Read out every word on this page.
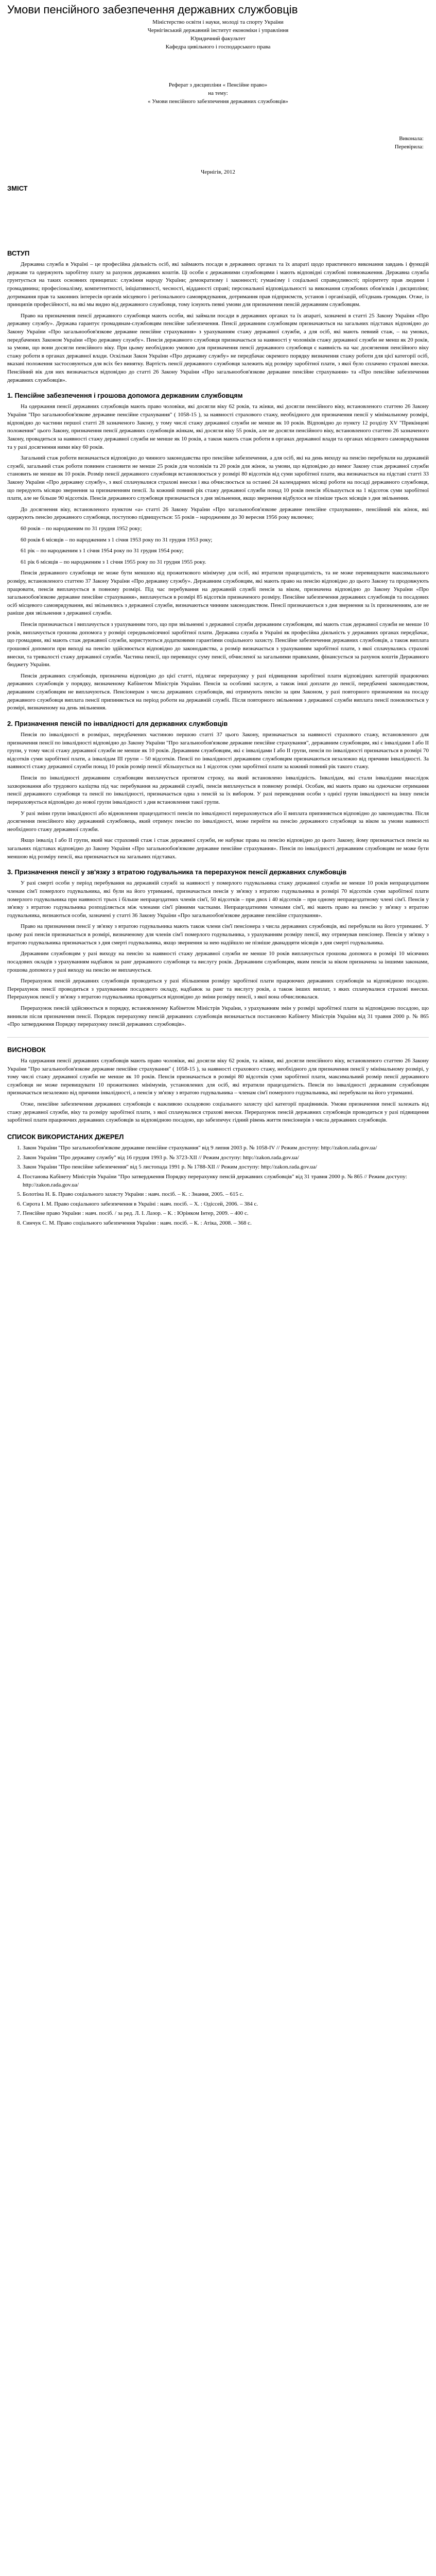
Умови пенсійного забезпечення державних службовців

Міністерство освіти і науки, молоді та спорту України

Чернігівський державний інститут економіки і управління

Юридичний факультет

Кафедра цивільного і господарського права

Реферат з дисципліни « Пенсійне право»

на тему:

« Умови пенсійного забезпечення державних службовців»

Виконала:
Перевірила:
Чернігів, 2012
ЗМІСТ
ВСТУП

Державна служба в Україні – це професійна діяльність осіб, які займають посади в державних органах та їх апараті щодо практичного виконання завдань і функцій держави та одержують заробітну плату за рахунок державних коштів. Ці особи є державними службовцями і мають відповідні службові повноваження. Державна служба грунтується на таких основних принципах: служіння народу України; демократизму і законності; гуманізму і соціальної справедливості; пріоритету прав людини і громадянина; професіоналізму, компетентності, ініціативності, чесності, відданості справі; персональної відповідальності за виконання службових обов'язків і дисципліни; дотримання прав та законних інтересів органів місцевого і регіонального самоврядування, дотримання прав підприємств, установ і організацій, об'єднань громадян. Отже, із принципів професійності, на які мы видно від державного службовця, тому існують певні умови для призначення пенсій державним службовцям.

Право на призначення пенсії державного службовця мають особи, які займали посади в державних органах та їх апараті, зазначені в статті 25 Закону України «Про державну службу». Держава гарантує громадянам-службовцям пенсійне забезпечення. Пенсії державним службовцям призначаються на загальних підставах відповідно до Закону України «Про загальнообов'язкове державне пенсійне страхування» з урахуванням стажу державної служби, а для осіб, які мають певний стаж, – на умовах, передбачених Законом України «Про державну службу». Пенсія державного службовця призначається за наявності у чоловіків стажу державної служби не менш як 20 років, за умови, що вони досягли пенсійного віку. При цьому необхідною умовою для призначення пенсії державного службовця є наявність на час досягнення пенсійного віку стажу роботи в органах державної влади. Оскільки Закон України «Про державну службу» не передбачає окремого порядку визначення стажу роботи для цієї категорії осіб, вказані положення застосовуються для всіх без винятку. Вартість пенсії державного службовця залежить від розміру заробітної плати, з якої було сплачено страхові внески. Пенсійний вік для них визначається відповідно до статті 26 Закону України «Про загальнообов'язкове державне пенсійне страхування» та «Про пенсійне забезпечення державних службовців».

1. Пенсійне забезпечення і грошова допомога державним службовцям

На одержання пенсії державних службовців мають право чоловіки, які досягли віку 62 років, та жінки, які досягли пенсійного віку, встановленого статтею 26 Закону України "Про загальнообов'язкове державне пенсійне страхування" ( 1058-15 ), за наявності страхового стажу, необхідного для призначення пенсії у мінімальному розмірі, відповідно до частини першої статті 28 зазначеного Закону, у тому числі стажу державної служби не менше як 10 років. Відповідно до пункту 12 розділу XV "Прикінцеві положення" цього Закону, призначення пенсії державних службовців жінкам, які досягли віку 55 років, але не досягли пенсійного віку, встановленого статтею 26 зазначеного Закону, провадиться за наявності стажу державної служби не менше як 10 років, а також мають стаж роботи в органах державної влади та органах місцевого самоврядування та у разі досягнення ними віку 60 років.

Загальний стаж роботи визначається відповідно до чинного законодавства про пенсійне забезпечення, а для осіб, які на день виходу на пенсію перебували на державній службі, загальний стаж роботи повинен становити не менше 25 років для чоловіків та 20 років для жінок, за умови, що відповідно до вимог Закону стаж державної служби становить не менше як 10 років. Розмір пенсії державного службовця встановлюється у розмірі 80 відсотків від суми заробітної плати, яка визначається на підставі статті 33 Закону України «Про державну службу», з якої сплачувалися страхові внески і яка обчислюється за останні 24 календарних місяці роботи на посаді державного службовця, що передують місяцю звернення за призначенням пенсії. За кожний повний рік стажу державної служби понад 10 років пенсія збільшується на 1 відсоток суми заробітної плати, але не більше 90 відсотків. Пенсія державного службовця призначається з дня звільнення, якщо звернення відбулося не пізніше трьох місяців з дня звільнення.

До досягнення віку, встановленого пунктом «а» статті 26 Закону України «Про загальнообов'язкове державне пенсійне страхування», пенсійний вік жінок, які одержують пенсію державного службовця, поступово підвищується: 55 років – народженим до 30 вересня 1956 року включно;

60 років – по народженим по 31 грудня 1952 року;

60 років 6 місяців – по народженим з 1 січня 1953 року по 31 грудня 1953 року;

61 рік – по народженим з 1 січня 1954 року по 31 грудня 1954 року;

61 рік 6 місяців – по народженим з 1 січня 1955 року по 31 грудня 1955 року.

Пенсія державного службовця не може бути меншою від прожиткового мінімуму для осіб, які втратили працездатність, та не може перевищувати максимального розміру, встановленого статтею 37 Закону України «Про державну службу». Державним службовцям, які мають право на пенсію відповідно до цього Закону та продовжують працювати, пенсія виплачується в повному розмірі. Під час перебування на державній службі пенсія за віком, призначена відповідно до Закону України «Про загальнообов'язкове державне пенсійне страхування», виплачується в розмірі 85 відсотків призначеного розміру. Пенсійне забезпечення державних службовців та посадових осіб місцевого самоврядування, які звільнились з державної служби, визначаються чинним законодавством. Пенсії призначаються з дня звернення за їх призначенням, але не раніше дня звільнення з державної служби.

Пенсія призначається і виплачується з урахуванням того, що при звільненні з державної служби державним службовцям, які мають стаж державної служби не менше 10 років, виплачується грошова допомога у розмірі середньомісячної заробітної плати. Державна служба в Україні як професійна діяльність у державних органах передбачає, що громадяни, які мають стаж державної служби, користуються додатковими гарантіями соціального захисту. Пенсійне забезпечення державних службовців, а також виплата грошової допомоги при виході на пенсію здійснюється відповідно до законодавства, а розмір визначається з урахуванням заробітної плати, з якої сплачувались страхові внески, та тривалості стажу державної служби. Частина пенсії, що перевищує суму пенсії, обчисленої за загальними правилами, фінансується за рахунок коштів Державного бюджету України.

Пенсія державних службовців, призначена відповідно до цієї статті, підлягає перерахунку у разі підвищення заробітної плати відповідних категорій працюючих державних службовців у порядку, визначеному Кабінетом Міністрів України. Пенсія за особливі заслуги, а також інші доплати до пенсії, передбачені законодавством, державним службовцям не виплачуються. Пенсіонерам з числа державних службовців, які отримують пенсію за цим Законом, у разі повторного призначення на посаду державного службовця виплата пенсії припиняється на період роботи на державній службі. Після повторного звільнення з державної служби виплата пенсії поновлюється у розмірі, визначеному на день звільнення.

2. Призначення пенсій по інвалідності для державних службовців

Пенсія по інвалідності в розмірах, передбачених частиною першою статті 37 цього Закону, призначається за наявності страхового стажу, встановленого для призначення пенсії по інвалідності відповідно до Закону України "Про загальнообов'язкове державне пенсійне страхування", державним службовцям, які є інвалідами I або II групи, у тому числі стажу державної служби не менше як 10 років. Державним службовцям, які є інвалідами I або II групи, пенсія по інвалідності призначається в розмірі 70 відсотків суми заробітної плати, а інвалідам III групи – 50 відсотків. Пенсії по інвалідності державним службовцям призначаються незалежно від причини інвалідності. За наявності стажу державної служби понад 10 років розмір пенсії збільшується на 1 відсоток суми заробітної плати за кожний повний рік такого стажу.

Пенсія по інвалідності державним службовцям виплачується протягом строку, на який встановлено інвалідність. Інвалідам, які стали інвалідами внаслідок захворювання або трудового каліцтва під час перебування на державній службі, пенсія виплачується в повному розмірі. Особам, які мають право на одночасне отримання пенсії державного службовця та пенсії по інвалідності, призначається одна з пенсій за їх вибором. У разі переведення особи з однієї групи інвалідності на іншу пенсія перераховується відповідно до нової групи інвалідності з дня встановлення такої групи.

У разі зміни групи інвалідності або відновлення працездатності пенсія по інвалідності перераховується або її виплата припиняється відповідно до законодавства. Після досягнення пенсійного віку державний службовець, який отримує пенсію по інвалідності, може перейти на пенсію державного службовця за віком за умови наявності необхідного стажу державної служби.

Якщо інвалід I або II групи, який має страховий стаж і стаж державної служби, не набуває права на пенсію відповідно до цього Закону, йому призначається пенсія на загальних підставах відповідно до Закону України «Про загальнообов'язкове державне пенсійне страхування». Пенсія по інвалідності державним службовцям не може бути меншою від розміру пенсії, яка призначається на загальних підставах.

3. Призначення пенсії у зв'язку з втратою годувальника та перерахунок пенсії державних службовців

У разі смерті особи у період перебування на державній службі за наявності у померлого годувальника стажу державної служби не менше 10 років непрацездатним членам сім'ї померлого годувальника, які були на його утриманні, призначається пенсія у зв'язку з втратою годувальника в розмірі 70 відсотків суми заробітної плати померлого годувальника при наявності трьох і більше непрацездатних членів сім'ї, 50 відсотків – при двох і 40 відсотків – при одному непрацездатному члені сім'ї. Пенсія у зв'язку з втратою годувальника розподіляється між членами сім'ї рівними частками. Непрацездатними членами сім'ї, які мають право на пенсію у зв'язку з втратою годувальника, визнаються особи, зазначені у статті 36 Закону України «Про загальнообов'язкове державне пенсійне страхування».

Право на призначення пенсії у зв'язку з втратою годувальника мають також члени сім'ї пенсіонера з числа державних службовців, які перебували на його утриманні. У цьому разі пенсія призначається в розмірі, визначеному для членів сім'ї померлого годувальника, з урахуванням розміру пенсії, яку отримував пенсіонер. Пенсія у зв'язку з втратою годувальника призначається з дня смерті годувальника, якщо звернення за нею надійшло не пізніше дванадцяти місяців з дня смерті годувальника.

Державним службовцям у разі виходу на пенсію за наявності стажу державної служби не менше 10 років виплачується грошова допомога в розмірі 10 місячних посадових окладів з урахуванням надбавок за ранг державного службовця та вислугу років. Державним службовцям, яким пенсія за віком призначена за іншими законами, грошова допомога у разі виходу на пенсію не виплачується.

Перерахунок пенсій державних службовців проводиться у разі збільшення розміру заробітної плати працюючих державних службовців за відповідною посадою. Перерахунок пенсії проводиться з урахуванням посадового окладу, надбавок за ранг та вислугу років, а також інших виплат, з яких сплачувалися страхові внески. Перерахунок пенсії у зв'язку з втратою годувальника провадиться відповідно до зміни розміру пенсії, з якої вона обчислювалася.

Перерахунок пенсій здійснюється в порядку, встановленому Кабінетом Міністрів України, з урахуванням змін у розмірі заробітної плати за відповідною посадою, що виникли після призначення пенсії. Порядок перерахунку пенсій державних службовців визначається постановою Кабінету Міністрів України від 31 травня 2000 р. № 865 «Про затвердження Порядку перерахунку пенсій державних службовців».

ВИСНОВОК

На одержання пенсії державних службовців мають право чоловіки, які досягли віку 62 років, та жінки, які досягли пенсійного віку, встановленого статтею 26 Закону України "Про загальнообов'язкове державне пенсійне страхування" ( 1058-15 ), за наявності страхового стажу, необхідного для призначення пенсії у мінімальному розмірі, у тому числі стажу державної служби не менше як 10 років. Пенсія призначається в розмірі 80 відсотків суми заробітної плати, максимальний розмір пенсії державного службовця не може перевищувати 10 прожиткових мінімумів, установлених для осіб, які втратили працездатність. Пенсія по інвалідності державним службовцям призначається незалежно від причини інвалідності, а пенсія у зв'язку з втратою годувальника – членам сім'ї померлого годувальника, які перебували на його утриманні.

Отже, пенсійне забезпечення державних службовців є важливою складовою соціального захисту цієї категорії працівників. Умови призначення пенсії залежать від стажу державної служби, віку та розміру заробітної плати, з якої сплачувалися страхові внески. Перерахунок пенсій державних службовців проводиться у разі підвищення заробітної плати працюючих державних службовців за відповідною посадою, що забезпечує гідний рівень життя пенсіонерів з числа державних службовців.

СПИСОК ВИКОРИСТАНИХ ДЖЕРЕЛ
1. Закон України "Про загальнообов'язкове державне пенсійне страхування" від 9 липня 2003 р. № 1058-IV // Режим доступу: http://zakon.rada.gov.ua/
2. Закон України "Про державну службу" від 16 грудня 1993 р. № 3723-XII // Режим доступу: http://zakon.rada.gov.ua/
3. Закон України "Про пенсійне забезпечення" від 5 листопада 1991 р. № 1788-XII // Режим доступу: http://zakon.rada.gov.ua/
4. Постанова Кабінету Міністрів України "Про затвердження Порядку перерахунку пенсій державних службовців" від 31 травня 2000 р. № 865 // Режим доступу: http://zakon.rada.gov.ua/
5. Болотіна Н. Б. Право соціального захисту України : навч. посіб. – К. : Знання, 2005. – 615 с.
6. Сирота І. М. Право соціального забезпечення в Україні : навч. посіб. – Х. : Одіссей, 2006. – 384 с.
7. Пенсійне право України : навч. посіб. / за ред. Л. І. Лазор. – К. : Юрінком Інтер, 2009. – 400 с.
8. Синчук С. М. Право соціального забезпечення України : навч. посіб. – К. : Атіка, 2008. – 368 с.
